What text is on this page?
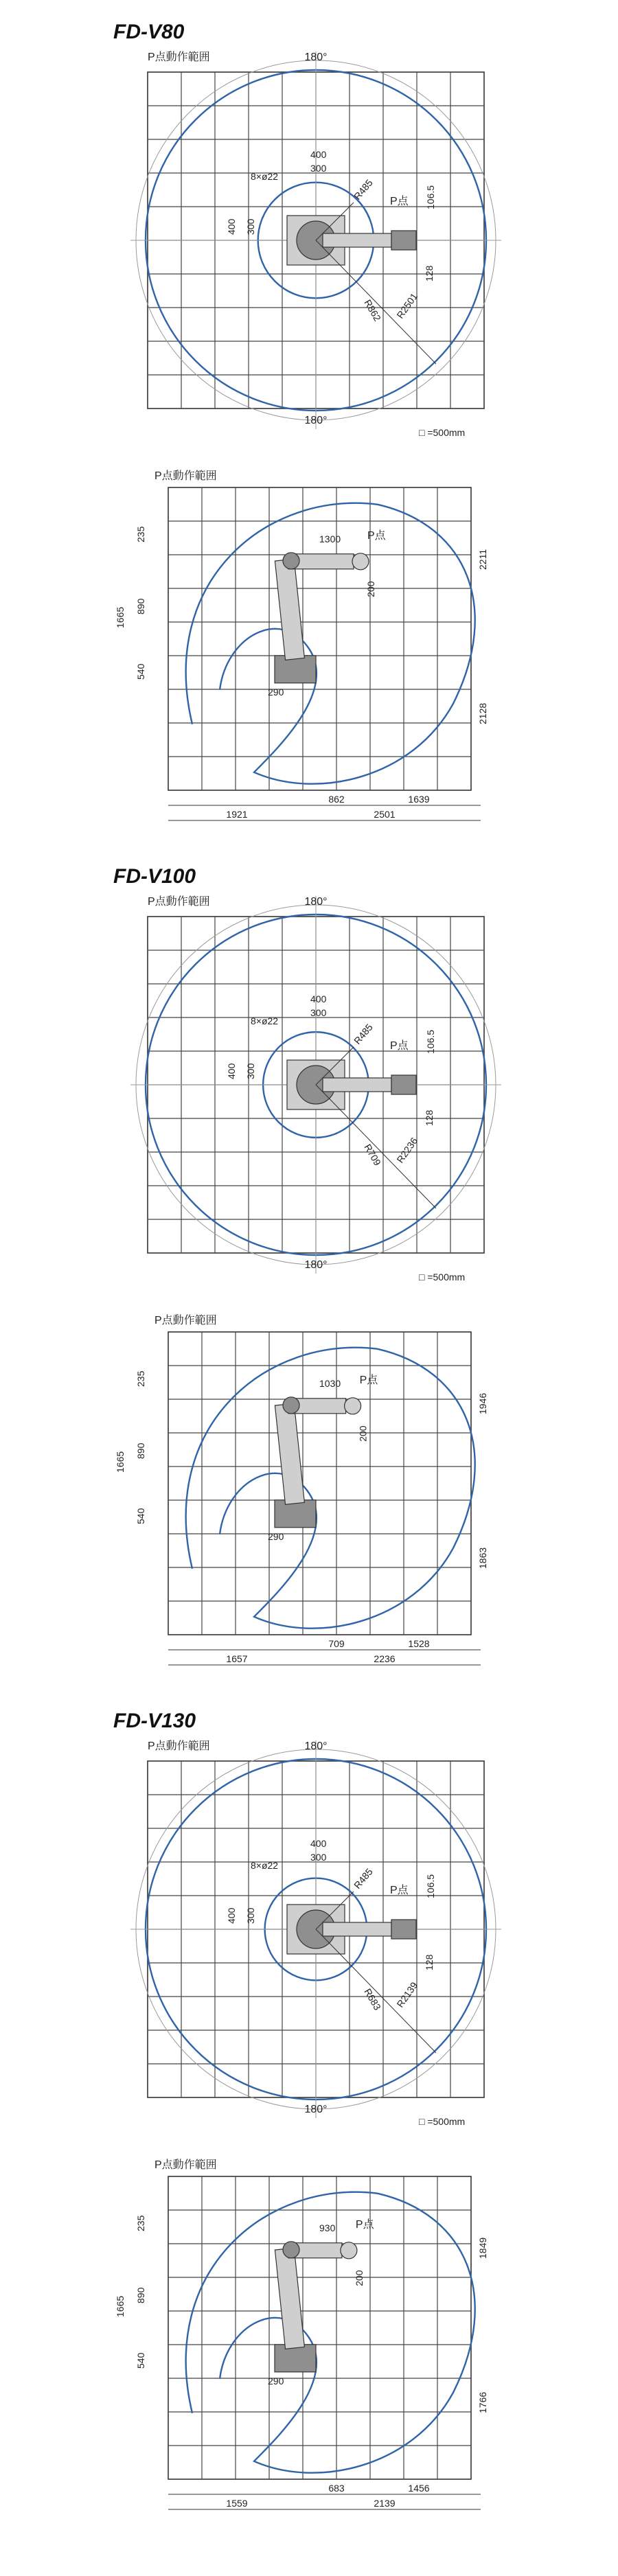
FD-V80
FD-V100
FD-V130
P点動作範囲	180°
180°
400
300
8×ø22
R485 P点 106.5
400 300
128
R862 R2501
□ =500mm
P点動作範囲
1300 P点
235
890
1665
540
200
290
2211
2128
862	1639
1921	2501
P点動作範囲	180°
180°
400
300
8×ø22
R485 P点 106.5
400 300
128
R709 R2236
□ =500mm
P点動作範囲
1030 P点
235
890
1665
540
200
290
1946
1863
709	1528
1657	2236
P点動作範囲	180°
180°
400
300
8×ø22
R485 P点 106.5
400 300
128
R683 R2139
□ =500mm
P点動作範囲
930 P点
235
890
1665
540
200
290
1849
1766
683	1456
1559	2139
